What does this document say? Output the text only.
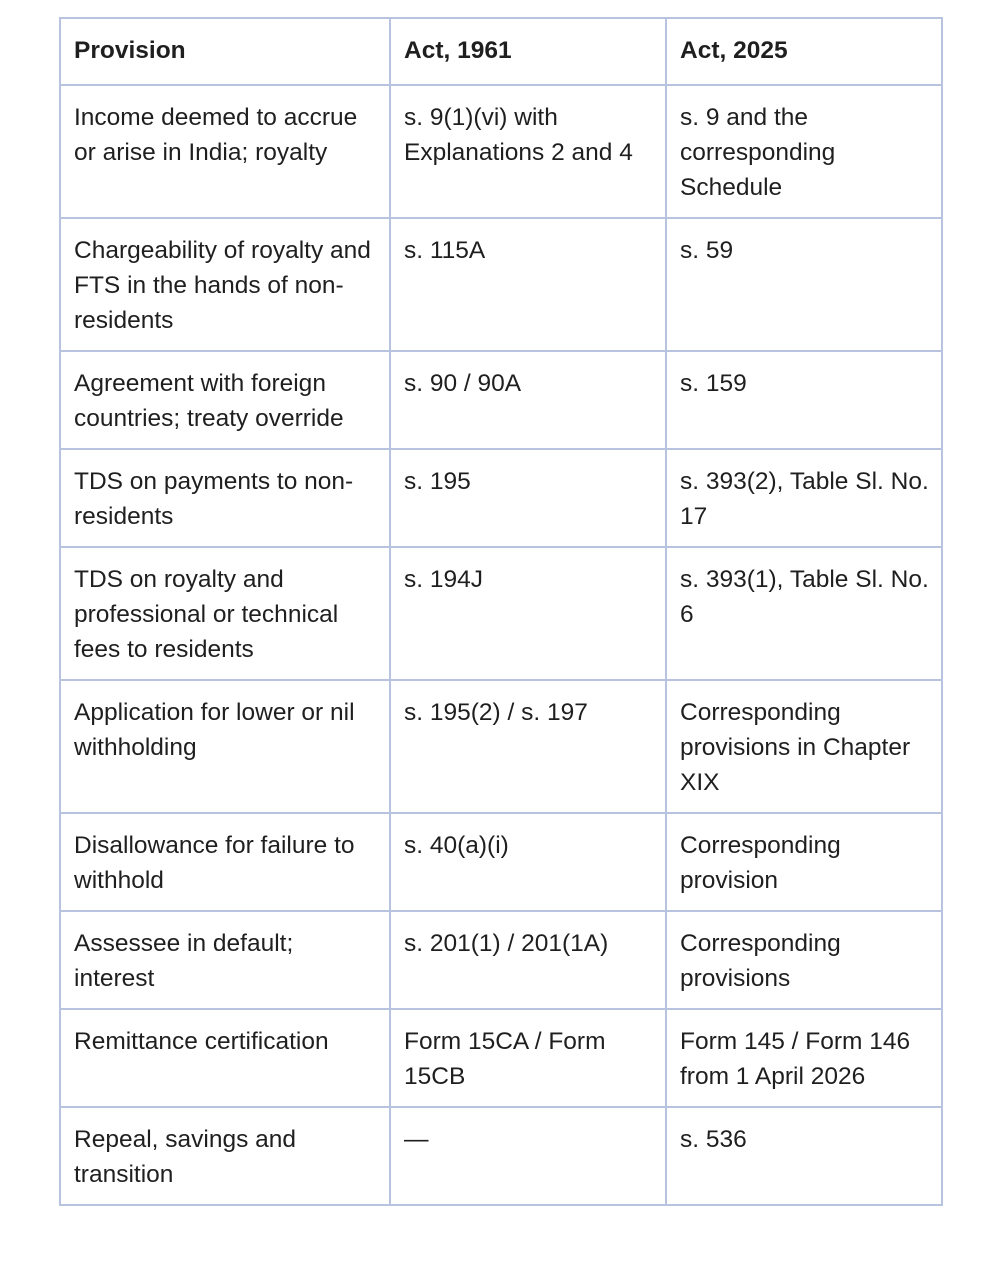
Provision	Act, 1961	Act, 2025
Income deemed to accrue or arise in India; royalty	s. 9(1)(vi) with Explanations 2 and 4	s. 9 and the corresponding Schedule
Chargeability of royalty and FTS in the hands of non-residents	s. 115A	s. 59
Agreement with foreign countries; treaty override	s. 90 / 90A	s. 159
TDS on payments to non-residents	s. 195	s. 393(2), Table Sl. No. 17
TDS on royalty and professional or technical fees to residents	s. 194J	s. 393(1), Table Sl. No. 6
Application for lower or nil withholding	s. 195(2) / s. 197	Corresponding provisions in Chapter XIX
Disallowance for failure to withhold	s. 40(a)(i)	Corresponding provision
Assessee in default; interest	s. 201(1) / 201(1A)	Corresponding provisions
Remittance certification	Form 15CA / Form 15CB	Form 145 / Form 146 from 1 April 2026
Repeal, savings and transition	—	s. 536
